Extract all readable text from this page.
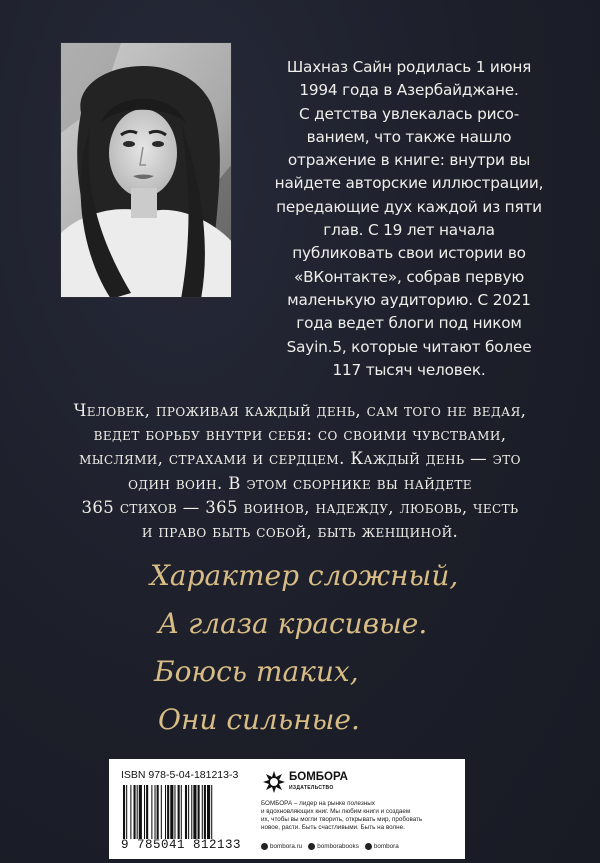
Шахназ Сайн родилась 1 июня
1994 года в Азербайджане.
С детства увлекалась рисо-
ванием, что также нашло
отражение в книге: внутри вы
найдете авторские иллюстрации,
передающие дух каждой из пяти
глав. С 19 лет начала
публиковать свои истории во
«ВКонтакте», собрав первую
маленькую аудиторию. С 2021
года ведет блоги под ником
Sayin.5, которые читают более
117 тысяч человек.
Человек, проживая каждый день, сам того не ведая,
ведет борьбу внутри себя: со своими чувствами,
мыслями, страхами и сердцем. Каждый день — это
один воин. В этом сборнике вы найдете
365 стихов — 365 воинов, надежду, любовь, честь
и право быть собой, быть женщиной.
Характер сложный,
А глаза красивые.
Боюсь таких,
Они сильные.
ISBN 978-5-04-181213-3
9 785041 812133
БОМБОРА
ИЗДАТЕЛЬСТВО
БОМБОРА – лидер на рынке полезных
и вдохновляющих книг. Мы любим книги и создаем
их, чтобы вы могли творить, открывать мир, пробовать
новое, расти. Быть счастливыми. Быть на волне.
bombora.ru bomborabooks bombora
